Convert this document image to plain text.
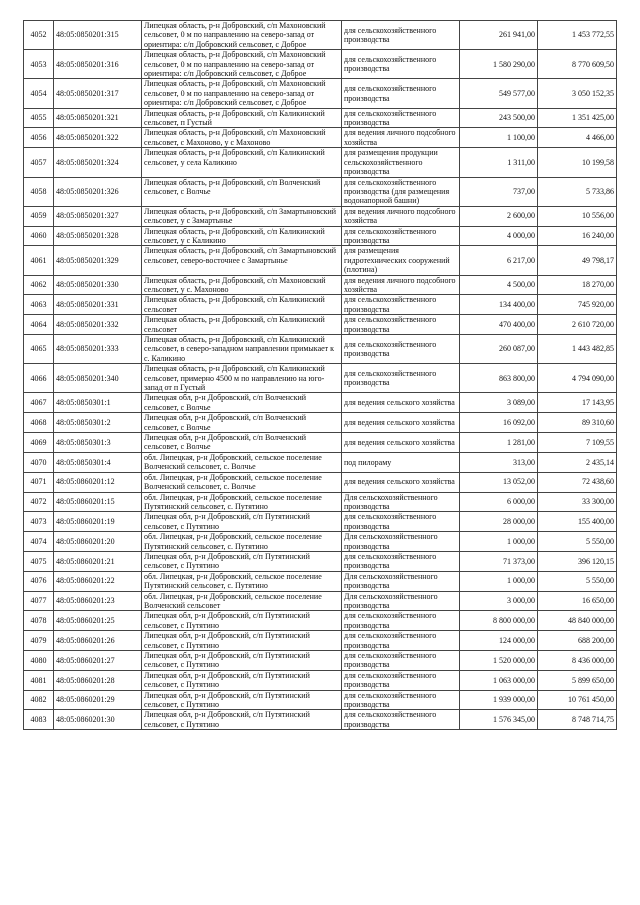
4052	48:05:0850201:315	Липецкая область, р-н Добровский, с/п Махоновский сельсовет, 0 м по направлению на северо-запад от ориентира: с/п Добровский сельсовет, с Доброе	для сельскохозяйственного производства	261 941,00	1 453 772,55
4053	48:05:0850201:316	Липецкая область, р-н Добровский, с/п Махоновский сельсовет, 0 м по направлению на северо-запад от ориентира: с/п Добровский сельсовет, с Доброе	для сельскохозяйственного производства	1 580 290,00	8 770 609,50
4054	48:05:0850201:317	Липецкая область, р-н Добровский, с/п Махоновский сельсовет, 0 м по направлению на северо-запад от ориентира: с/п Добровский сельсовет, с Доброе	для сельскохозяйственного производства	549 577,00	3 050 152,35
4055	48:05:0850201:321	Липецкая область, р-н Добровский, с/п Каликинский сельсовет, п Густый	для сельскохозяйственного производства	243 500,00	1 351 425,00
4056	48:05:0850201:322	Липецкая область, р-н Добровский, с/п Махоновский сельсовет, с Махоново, у с Махоново	для ведения личного подсобного хозяйства	1 100,00	4 466,00
4057	48:05:0850201:324	Липецкая область, р-н Добровский, с/п Каликинский сельсовет, у села Каликино	для размещения продукции сельскохозяйственного производства	1 311,00	10 199,58
4058	48:05:0850201:326	Липецкая область, р-н Добровский, с/п Волченский сельсовет, с Волчье	для сельскохозяйственного производства (для размещения водонапорной башни)	737,00	5 733,86
4059	48:05:0850201:327	Липецкая область, р-н Добровский, с/п Замартыновский сельсовет, у с Замартынье	для ведения личного подсобного хозяйства	2 600,00	10 556,00
4060	48:05:0850201:328	Липецкая область, р-н Добровский, с/п Каликинский сельсовет, у с Каликино	для сельскохозяйственного производства	4 000,00	16 240,00
4061	48:05:0850201:329	Липецкая область, р-н Добровский, с/п Замартыновский сельсовет, северо-восточнее с Замартынье	для размещения гидротехнических сооружений (плотина)	6 217,00	49 798,17
4062	48:05:0850201:330	Липецкая область, р-н Добровский, с/п Махоновский сельсовет, у с. Махоново	для ведения личного подсобного хозяйства	4 500,00	18 270,00
4063	48:05:0850201:331	Липецкая область, р-н Добровский, с/п Каликинский сельсовет	для сельскохозяйственного производства	134 400,00	745 920,00
4064	48:05:0850201:332	Липецкая область, р-н Добровский, с/п Каликинский сельсовет	для сельскохозяйственного производства	470 400,00	2 610 720,00
4065	48:05:0850201:333	Липецкая область, р-н Добровский, с/п Каликинский сельсовет, в северо-западном направлении примыкает к с. Каликино	для сельскохозяйственного производства	260 087,00	1 443 482,85
4066	48:05:0850201:340	Липецкая область, р-н Добровский, с/п Каликинский сельсовет, примерно 4500 м по направлению на юго-запад от п Густый	для сельскохозяйственного производства	863 800,00	4 794 090,00
4067	48:05:0850301:1	Липецкая обл, р-н Добровский, с/п Волченский сельсовет, с Волчье	для ведения сельского хозяйства	3 089,00	17 143,95
4068	48:05:0850301:2	Липецкая обл, р-н Добровский, с/п Волченский сельсовет, с Волчье	для ведения сельского хозяйства	16 092,00	89 310,60
4069	48:05:0850301:3	Липецкая обл, р-н Добровский, с/п Волченский сельсовет, с Волчье	для ведения сельского хозяйства	1 281,00	7 109,55
4070	48:05:0850301:4	обл. Липецкая, р-н Добровский, сельское поселение Волченский сельсовет, с. Волчье	под пилораму	313,00	2 435,14
4071	48:05:0860201:12	обл. Липецкая, р-н Добровский, сельское поселение Волченский сельсовет, с. Волчье	для ведения сельского хозяйства	13 052,00	72 438,60
4072	48:05:0860201:15	обл. Липецкая, р-н Добровский, сельское поселение Путятинский сельсовет, с. Путятино	Для сельскохозяйственного производства	6 000,00	33 300,00
4073	48:05:0860201:19	Липецкая обл, р-н Добровский, с/п Путятинский сельсовет, с Путятино	для сельскохозяйственного производства	28 000,00	155 400,00
4074	48:05:0860201:20	обл. Липецкая, р-н Добровский, сельское поселение Путятинский сельсовет, с. Путятино	Для сельскохозяйственного производства	1 000,00	5 550,00
4075	48:05:0860201:21	Липецкая обл, р-н Добровский, с/п Путятинский сельсовет, с Путятино	для сельскохозяйственного производства	71 373,00	396 120,15
4076	48:05:0860201:22	обл. Липецкая, р-н Добровский, сельское поселение Путятинский сельсовет, с. Путятино	Для сельскохозяйственного производства	1 000,00	5 550,00
4077	48:05:0860201:23	обл. Липецкая, р-н Добровский, сельское поселение Волченский сельсовет	Для сельскохозяйственного производства	3 000,00	16 650,00
4078	48:05:0860201:25	Липецкая обл, р-н Добровский, с/п Путятинский сельсовет, с Путятино	для сельскохозяйственного производства	8 800 000,00	48 840 000,00
4079	48:05:0860201:26	Липецкая обл, р-н Добровский, с/п Путятинский сельсовет, с Путятино	для сельскохозяйственного производства	124 000,00	688 200,00
4080	48:05:0860201:27	Липецкая обл, р-н Добровский, с/п Путятинский сельсовет, с Путятино	для сельскохозяйственного производства	1 520 000,00	8 436 000,00
4081	48:05:0860201:28	Липецкая обл, р-н Добровский, с/п Путятинский сельсовет, с Путятино	для сельскохозяйственного производства	1 063 000,00	5 899 650,00
4082	48:05:0860201:29	Липецкая обл, р-н Добровский, с/п Путятинский сельсовет, с Путятино	для сельскохозяйственного производства	1 939 000,00	10 761 450,00
4083	48:05:0860201:30	Липецкая обл, р-н Добровский, с/п Путятинский сельсовет, с Путятино	для сельскохозяйственного производства	1 576 345,00	8 748 714,75
